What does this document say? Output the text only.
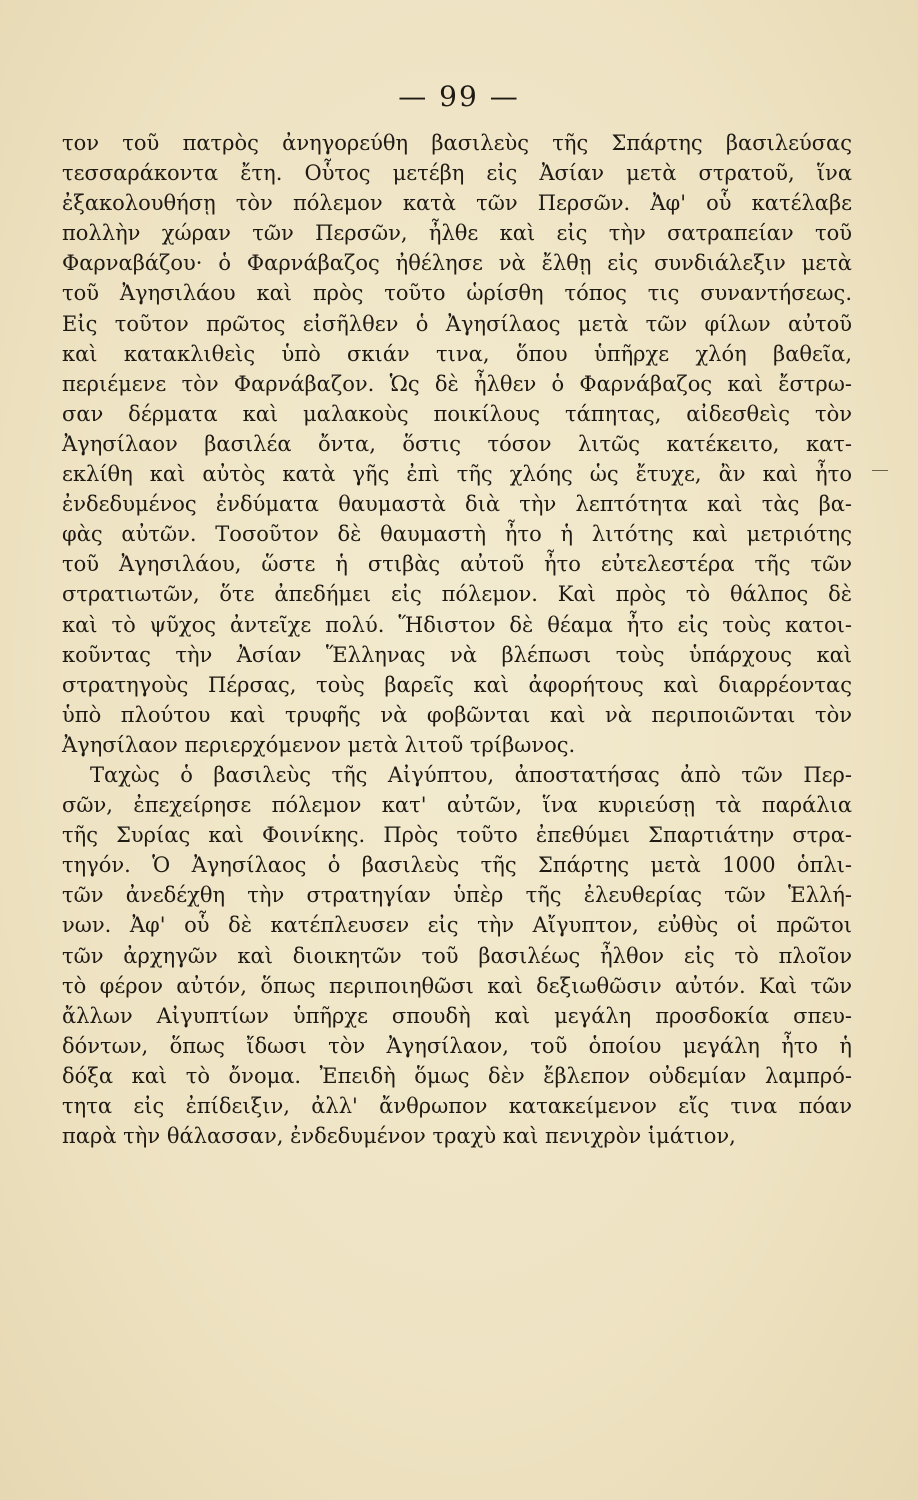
— 99 —

τον τοῦ πατρὸς ἀνηγορεύθη βασιλεὺς τῆς Σπάρτης βασιλεύσας
τεσσαράκοντα ἔτη. Οὗτος μετέβη εἰς Ἀσίαν μετὰ στρατοῦ, ἵνα
ἐξακολουθήσῃ τὸν πόλεμον κατὰ τῶν Περσῶν. Ἀφ' οὗ κατέλαβε
πολλὴν χώραν τῶν Περσῶν, ἦλθε καὶ εἰς τὴν σατραπείαν τοῦ
Φαρναβάζου· ὁ Φαρνάβαζος ἠθέλησε νὰ ἔλθῃ εἰς συνδιάλεξιν μετὰ
τοῦ Ἀγησιλάου καὶ πρὸς τοῦτο ὡρίσθη τόπος τις συναντήσεως.
Εἰς τοῦτον πρῶτος εἰσῆλθεν ὁ Ἀγησίλαος μετὰ τῶν φίλων αὐτοῦ
καὶ κατακλιθεὶς ὑπὸ σκιάν τινα, ὅπου ὑπῆρχε χλόη βαθεῖα,
περιέμενε τὸν Φαρνάβαζον. Ὡς δὲ ἦλθεν ὁ Φαρνάβαζος καὶ ἔστρω-
σαν δέρματα καὶ μαλακοὺς ποικίλους τάπητας, αἰδεσθεὶς τὸν
Ἀγησίλαον βασιλέα ὄντα, ὅστις τόσον λιτῶς κατέκειτο, κατ-
εκλίθη καὶ αὐτὸς κατὰ γῆς ἐπὶ τῆς χλόης ὡς ἔτυχε, ἂν καὶ ἦτο
ἐνδεδυμένος ἐνδύματα θαυμαστὰ διὰ τὴν λεπτότητα καὶ τὰς βα-
φὰς αὐτῶν. Τοσοῦτον δὲ θαυμαστὴ ἦτο ἡ λιτότης καὶ μετριότης
τοῦ Ἀγησιλάου, ὥστε ἡ στιβὰς αὐτοῦ ἦτο εὐτελεστέρα τῆς τῶν
στρατιωτῶν, ὅτε ἀπεδήμει εἰς πόλεμον. Καὶ πρὸς τὸ θάλπος δὲ
καὶ τὸ ψῦχος ἀντεῖχε πολύ. Ἥδιστον δὲ θέαμα ἦτο εἰς τοὺς κατοι-
κοῦντας τὴν Ἀσίαν Ἕλληνας νὰ βλέπωσι τοὺς ὑπάρχους καὶ
στρατηγοὺς Πέρσας, τοὺς βαρεῖς καὶ ἀφορήτους καὶ διαρρέοντας
ὑπὸ πλούτου καὶ τρυφῆς νὰ φοβῶνται καὶ νὰ περιποιῶνται τὸν
Ἀγησίλαον περιερχόμενον μετὰ λιτοῦ τρίβωνος.

Ταχὼς ὁ βασιλεὺς τῆς Αἰγύπτου, ἀποστατήσας ἀπὸ τῶν Περ-
σῶν, ἐπεχείρησε πόλεμον κατ' αὐτῶν, ἵνα κυριεύσῃ τὰ παράλια
τῆς Συρίας καὶ Φοινίκης. Πρὸς τοῦτο ἐπεθύμει Σπαρτιάτην στρα-
τηγόν. Ὁ Ἀγησίλαος ὁ βασιλεὺς τῆς Σπάρτης μετὰ 1000 ὁπλι-
τῶν ἀνεδέχθη τὴν στρατηγίαν ὑπὲρ τῆς ἐλευθερίας τῶν Ἑλλή-
νων. Ἀφ' οὗ δὲ κατέπλευσεν εἰς τὴν Αἴγυπτον, εὐθὺς οἱ πρῶτοι
τῶν ἀρχηγῶν καὶ διοικητῶν τοῦ βασιλέως ἦλθον εἰς τὸ πλοῖον
τὸ φέρον αὐτόν, ὅπως περιποιηθῶσι καὶ δεξιωθῶσιν αὐτόν. Καὶ τῶν
ἄλλων Αἰγυπτίων ὑπῆρχε σπουδὴ καὶ μεγάλη προσδοκία σπευ-
δόντων, ὅπως ἴδωσι τὸν Ἀγησίλαον, τοῦ ὁποίου μεγάλη ἦτο ἡ
δόξα καὶ τὸ ὄνομα. Ἐπειδὴ ὅμως δὲν ἔβλεπον οὐδεμίαν λαμπρό-
τητα εἰς ἐπίδειξιν, ἀλλ' ἄνθρωπον κατακείμενον εἴς τινα πόαν
παρὰ τὴν θάλασσαν, ἐνδεδυμένον τραχὺ καὶ πενιχρὸν ἱμάτιον,
